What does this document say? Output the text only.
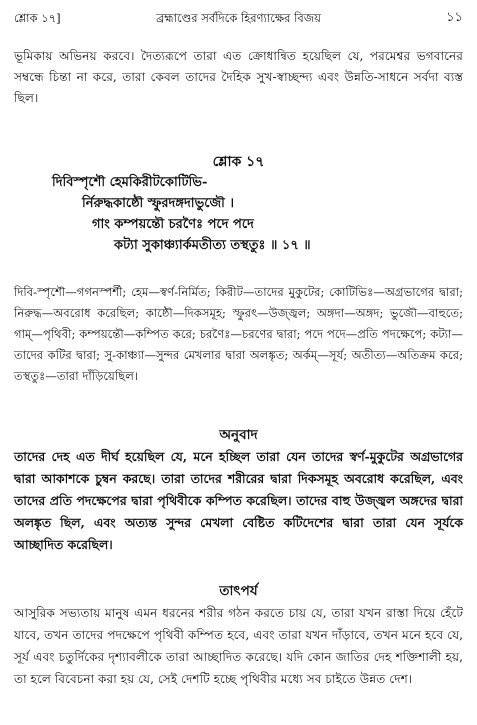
শ্লোক ১৭]	ব্রহ্মাণ্ডের সর্বদিকে হিরণ্যাক্ষের বিজয়	১১
ভূমিকায় অভিনয় করবে। দৈত্যরূপে তারা এত ক্রোধান্বিত হয়েছিল যে, পরমেশ্বর ভগবানের সম্বন্ধে চিন্তা না করে, তারা কেবল তাদের দৈহিক সুখ-স্বাচ্ছন্দ্য এবং উন্নতি-সাধনে সর্বদা ব্যস্ত ছিল।
শ্লোক ১৭
দিবিস্পৃশৌ হেমকিরীটকোটিভি-
র্নিরুদ্ধকাষ্ঠৌ স্ফুরদঙ্গদাভুজৌ ।
গাং কম্পয়ন্তৌ চরণৈঃ পদে পদে
কট্যা সুকাঞ্চ্যার্কমতীত্য তস্থতুঃ ॥ ১৭ ॥
দিবি-স্পৃশৌ—গগনস্পর্শী; হেম—স্বর্ণ-নির্মিত; কিরীট—তাদের মুকুটের; কোটিভিঃ—অগ্রভাগের দ্বারা; নিরুদ্ধ—অবরোধ করেছিল; কাষ্ঠৌ—দিকসমূহ; স্ফুরৎ—উজ্জ্বল; অঙ্গদা—অঙ্গদ; ভুজৌ—বাহুতে; গাম্—পৃথিবী; কম্পয়ন্তৌ—কম্পিত করে; চরণৈঃ—চরণের দ্বারা; পদে পদে—প্রতি পদক্ষেপে; কট্যা—তাদের কটির দ্বারা; সু-কাঞ্চ্যা—সুন্দর মেখলার দ্বারা অলঙ্কৃত; অর্কম্—সূর্য; অতীত্য—অতিক্রম করে; তস্থতুঃ—তারা দাঁড়িয়েছিল।
অনুবাদ
তাদের দেহ এত দীর্ঘ হয়েছিল যে, মনে হচ্ছিল তারা যেন তাদের স্বর্ণ-মুকুটের অগ্রভাগের দ্বারা আকাশকে চুম্বন করছে। তারা তাদের শরীরের দ্বারা দিকসমূহ অবরোধ করেছিল, এবং তাদের প্রতি পদক্ষেপের দ্বারা পৃথিবীকে কম্পিত করেছিল। তাদের বাহু উজ্জ্বল অঙ্গদের দ্বারা অলঙ্কৃত ছিল, এবং অত্যন্ত সুন্দর মেখলা বেষ্টিত কটিদেশের দ্বারা তারা যেন সূর্যকে আচ্ছাদিত করেছিল।
তাৎপর্য
আসুরিক সভ্যতায় মানুষ এমন ধরনের শরীর গঠন করতে চায় যে, তারা যখন রাস্তা দিয়ে হেঁটে যাবে, তখন তাদের পদক্ষেপে পৃথিবী কম্পিত হবে, এবং তারা যখন দাঁড়াবে, তখন মনে হবে যে, সূর্য এবং চতুর্দিকের দৃশ্যাবলীকে তারা আচ্ছাদিত করেছে। যদি কোন জাতির দেহ শক্তিশালী হয়, তা হলে বিবেচনা করা হয় যে, সেই দেশটি হচ্ছে পৃথিবীর মধ্যে সব চাইতে উন্নত দেশ।
